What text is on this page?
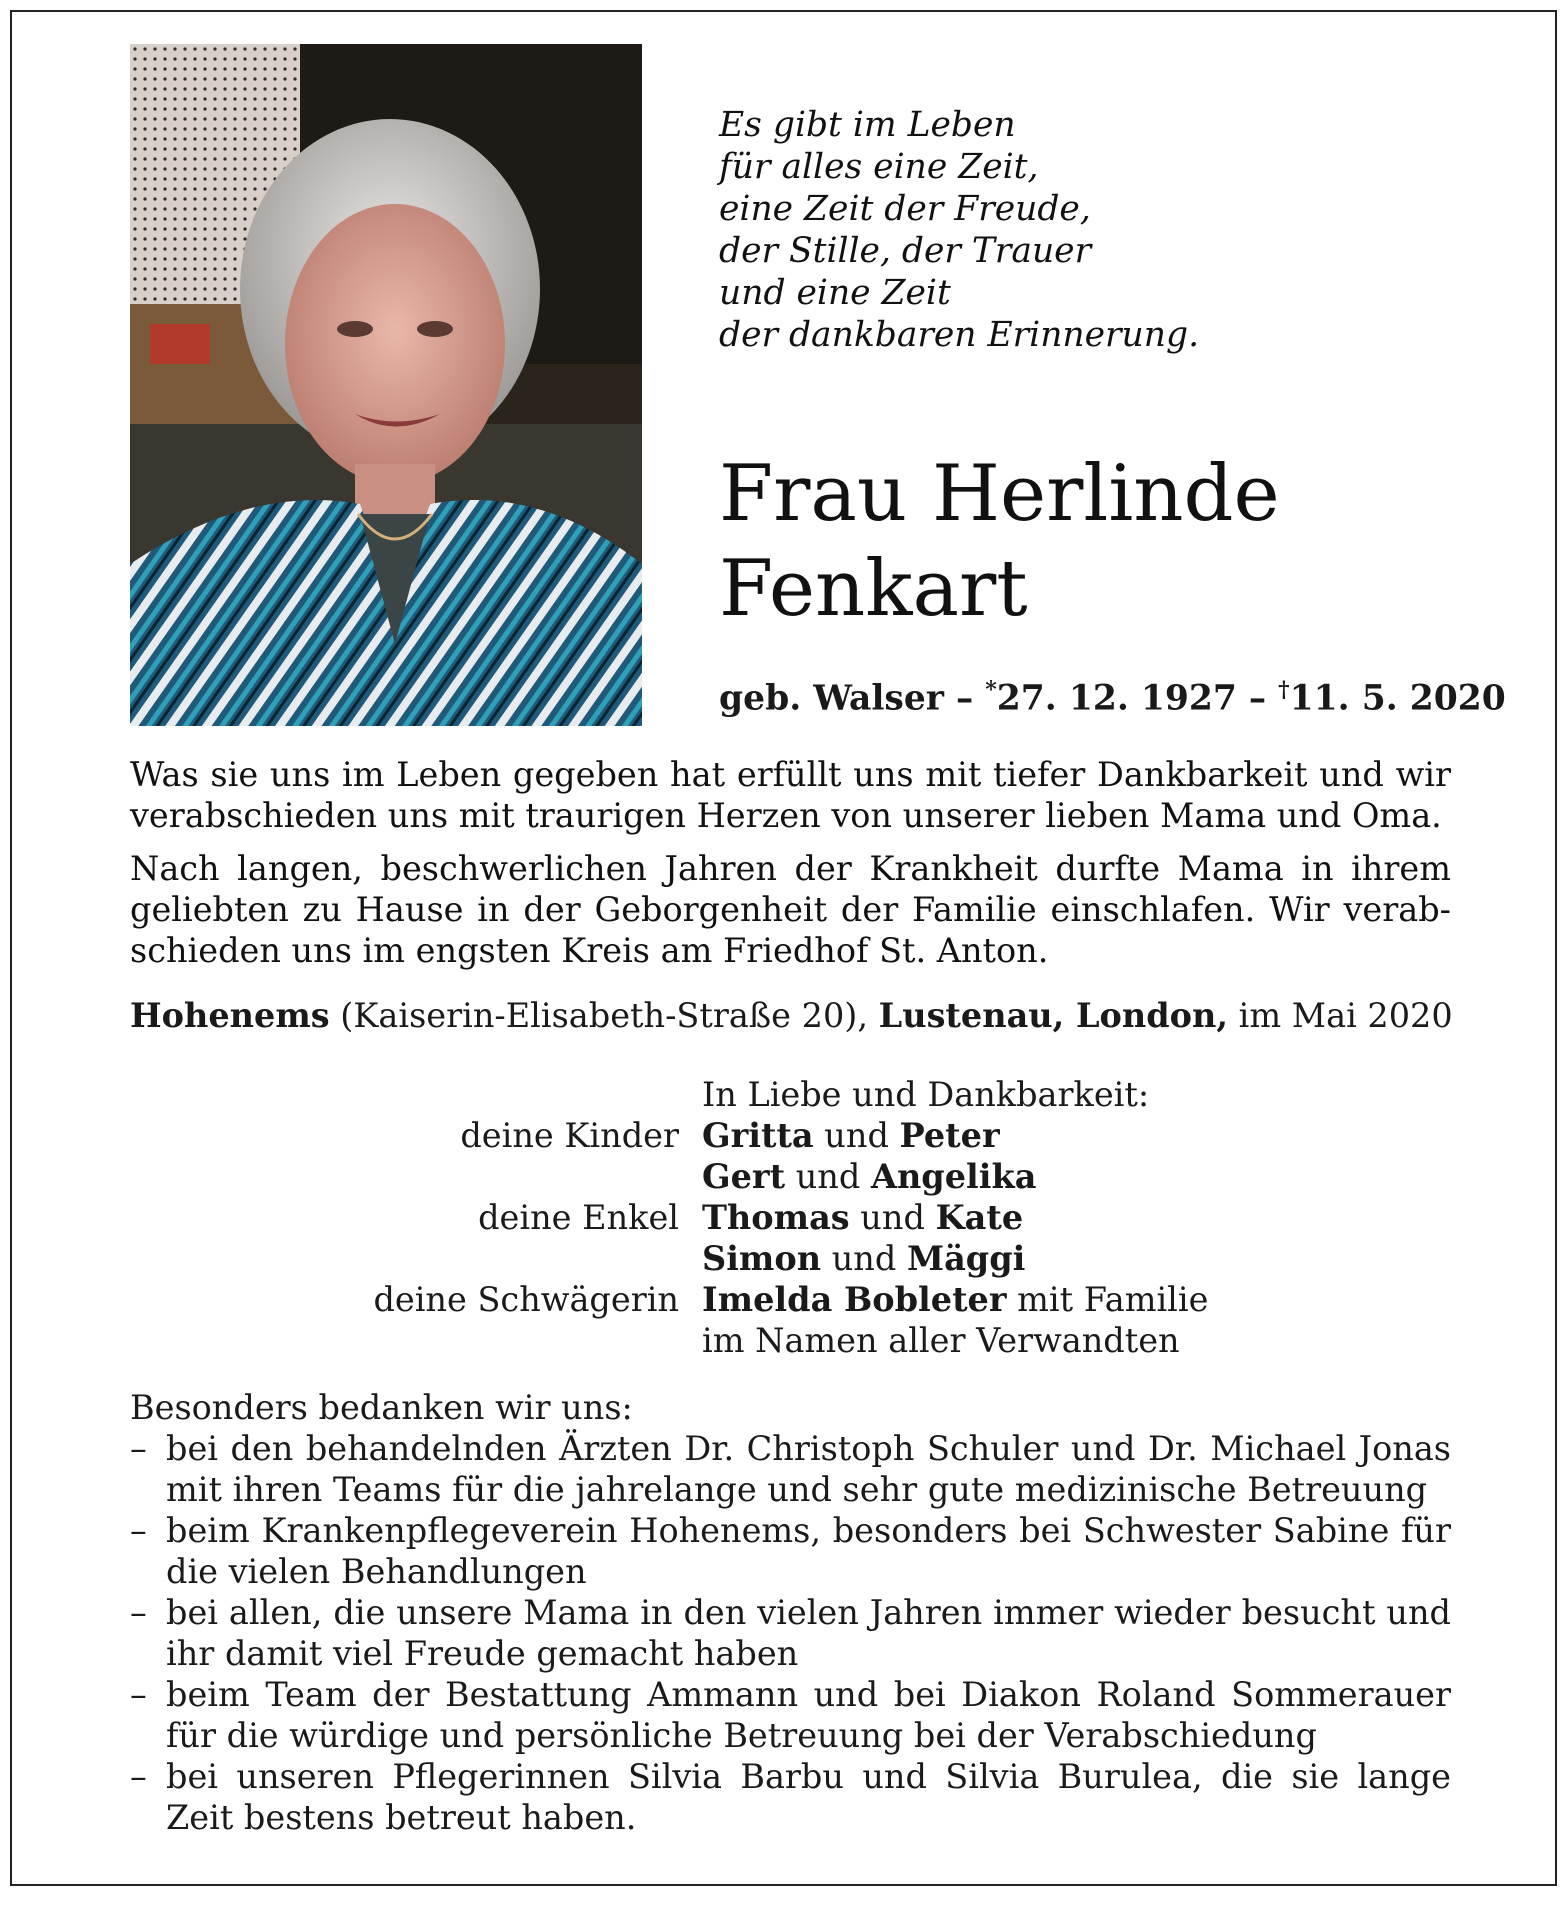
Es gibt im Leben
für alles eine Zeit,
eine Zeit der Freude,
der Stille, der Trauer
und eine Zeit
der dankbaren Erinnerung.
Frau Herlinde
Fenkart
geb. Walser – *27. 12. 1927 – †11. 5. 2020

Was sie uns im Leben gegeben hat erfüllt uns mit tiefer Dankbarkeit und wir verabschieden uns mit traurigen Herzen von unserer lieben Mama und Oma.

Nach langen, beschwerlichen Jahren der Krankheit durfte Mama in ihrem geliebten zu Hause in der Geborgenheit der Familie einschlafen. Wir verabschieden uns im engsten Kreis am Friedhof St. Anton.

Hohenems (Kaiserin-Elisabeth-Straße 20), Lustenau, London, im Mai 2020
In Liebe und Dankbarkeit:
deine Kinder Gritta und Peter
Gert und Angelika
deine Enkel Thomas und Kate
Simon und Mäggi
deine Schwägerin Imelda Bobleter mit Familie
im Namen aller Verwandten
Besonders bedanken wir uns:
– bei den behandelnden Ärzten Dr. Christoph Schuler und Dr. Michael Jonas mit ihren Teams für die jahrelange und sehr gute medizinische Betreuung
– beim Krankenpflegeverein Hohenems, besonders bei Schwester Sabine für die vielen Behandlungen
– bei allen, die unsere Mama in den vielen Jahren immer wieder besucht und ihr damit viel Freude gemacht haben
– beim Team der Bestattung Ammann und bei Diakon Roland Sommerauer für die würdige und persönliche Betreuung bei der Verabschiedung
– bei unseren Pflegerinnen Silvia Barbu und Silvia Burulea, die sie lange Zeit bestens betreut haben.
